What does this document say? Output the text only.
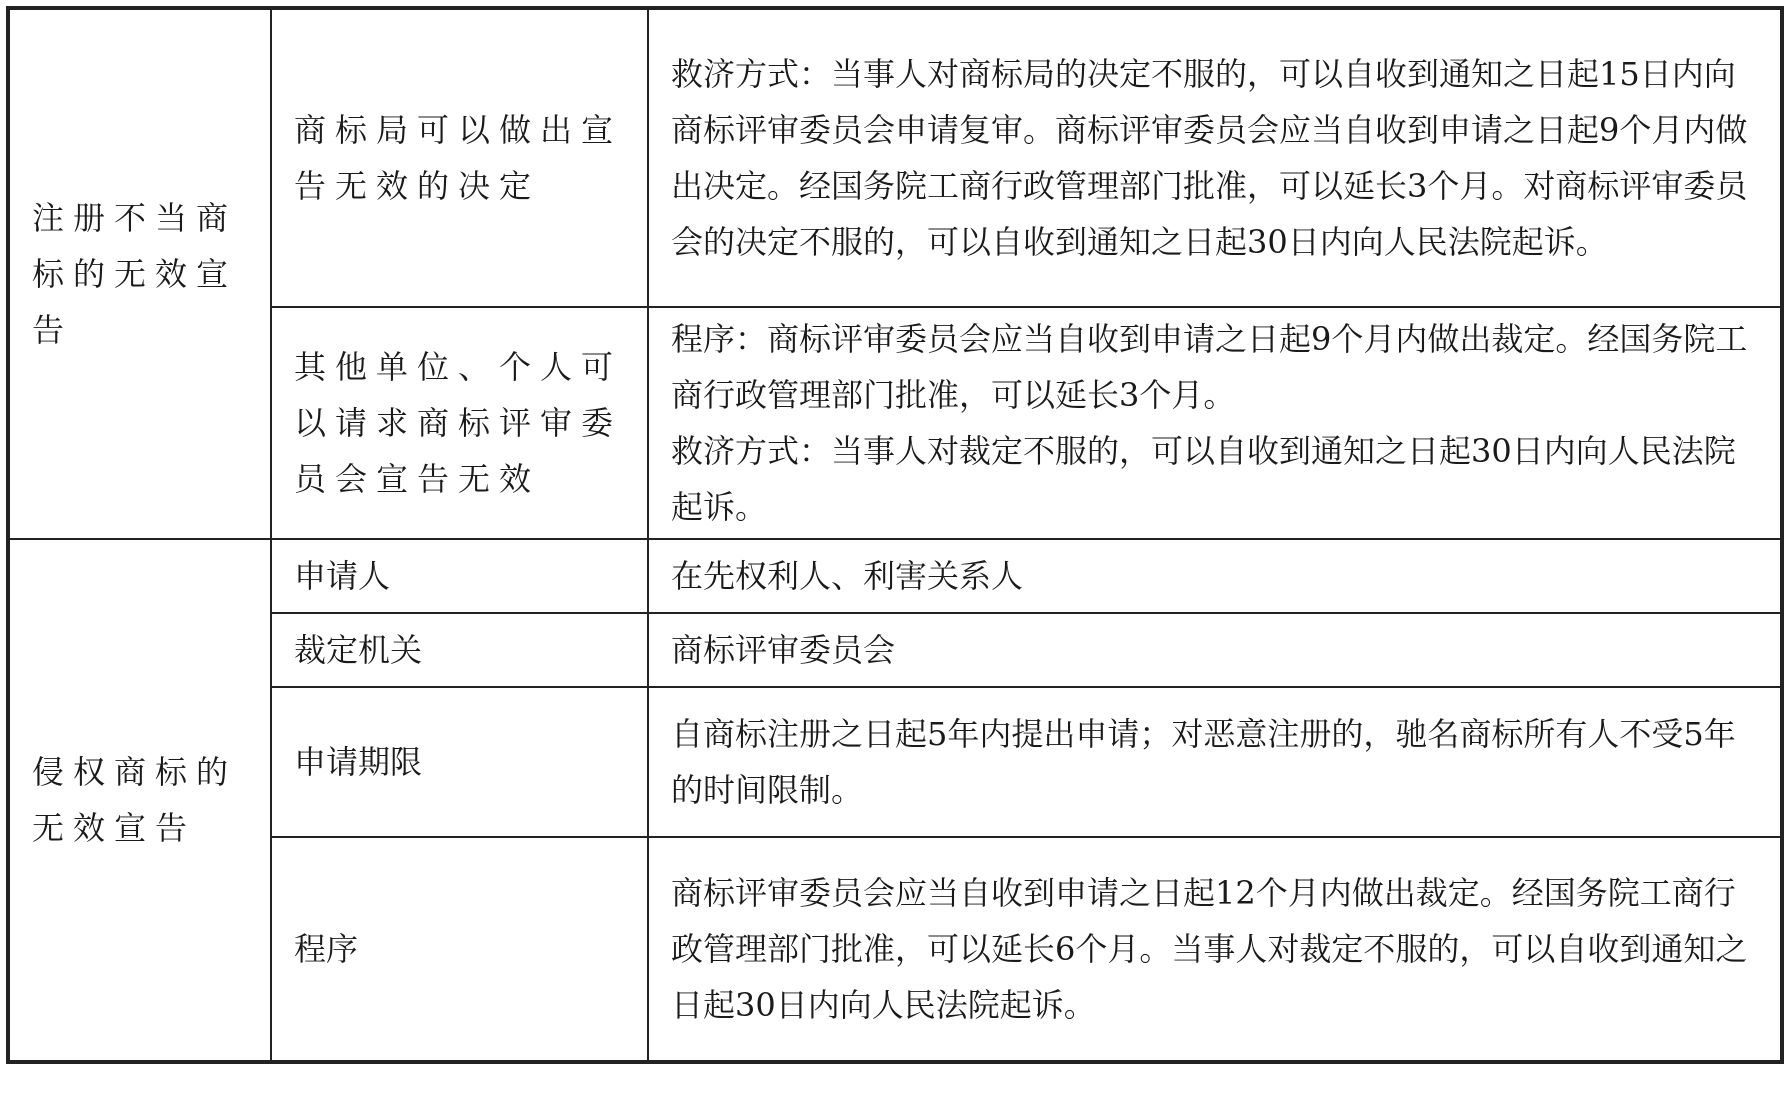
注册不当商标的无效宣告	商标局可以做出宣告无效的决定	救济方式：当事人对商标局的决定不服的，可以自收到通知之日起15日内向商标评审委员会申请复审。商标评审委员会应当自收到申请之日起9个月内做出决定。经国务院工商行政管理部门批准，可以延长3个月。对商标评审委员会的决定不服的，可以自收到通知之日起30日内向人民法院起诉。

	其他单位、个人可以请求商标评审委员会宣告无效	程序：商标评审委员会应当自收到申请之日起9个月内做出裁定。经国务院工商行政管理部门批准，可以延长3个月。
救济方式：当事人对裁定不服的，可以自收到通知之日起30日内向人民法院起诉。

侵权商标的无效宣告	申请人	在先权利人、利害关系人

	裁定机关	商标评审委员会

	申请期限	自商标注册之日起5年内提出申请；对恶意注册的，驰名商标所有人不受5年的时间限制。

	程序	商标评审委员会应当自收到申请之日起12个月内做出裁定。经国务院工商行政管理部门批准，可以延长6个月。当事人对裁定不服的，可以自收到通知之日起30日内向人民法院起诉。
